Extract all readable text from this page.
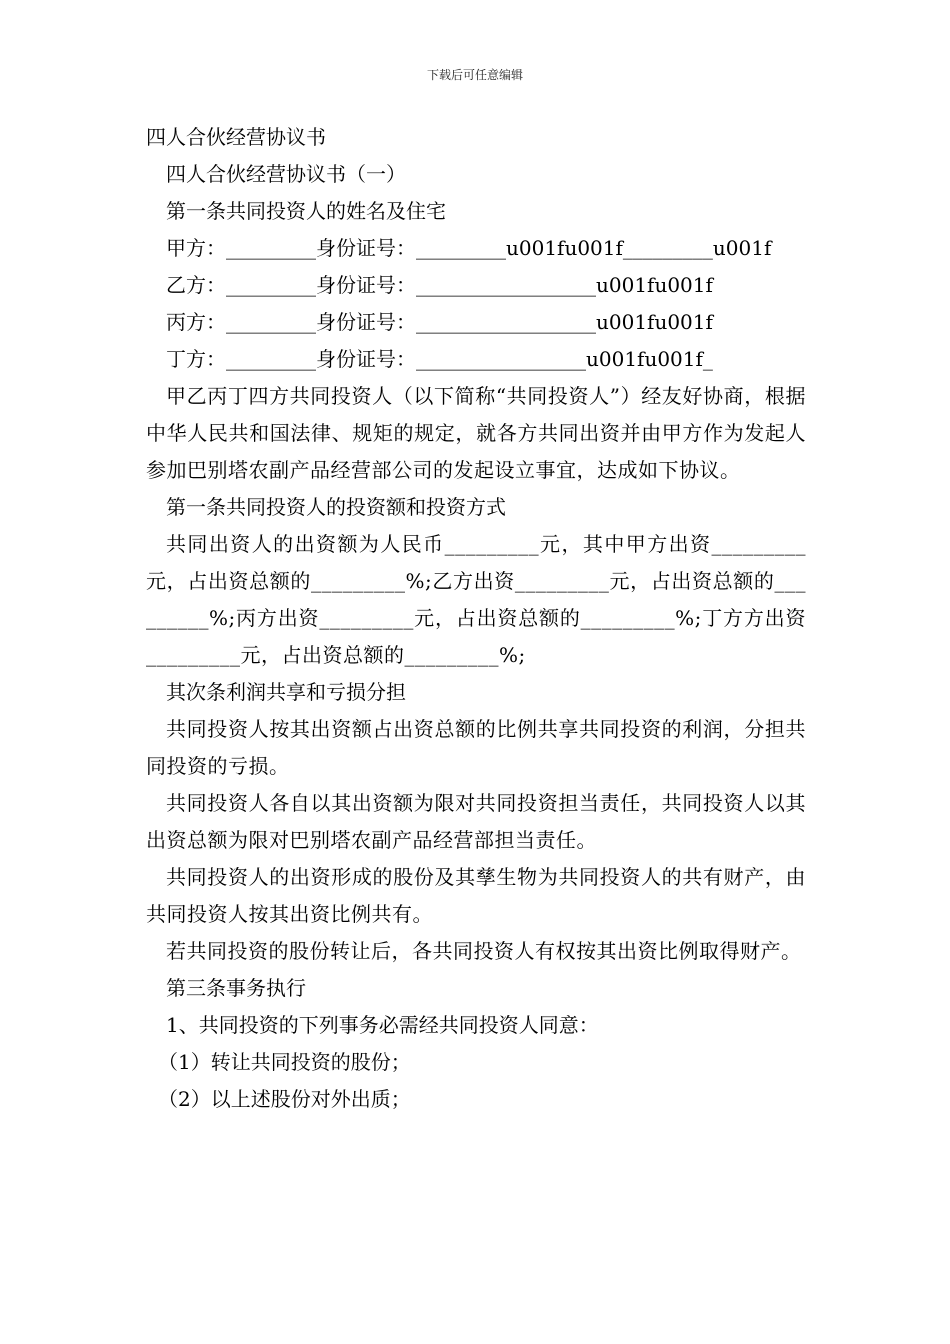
下载后可任意编辑
四人合伙经营协议书
四人合伙经营协议书（一）
第一条共同投资人的姓名及住宅
甲方：_________身份证号：_________u001fu001f_________u001f
乙方：_________身份证号：__________________u001fu001f
丙方：_________身份证号：__________________u001fu001f
丁方：_________身份证号：_________________u001fu001f_
甲乙丙丁四方共同投资人（以下简称“共同投资人”）经友好协商，根据中华人民共和国法律、规矩的规定，就各方共同出资并由甲方作为发起人参加巴别塔农副产品经营部公司的发起设立事宜，达成如下协议。
第一条共同投资人的投资额和投资方式
共同出资人的出资额为人民币_________元，其中甲方出资_________元，占出资总额的_________%;乙方出资_________元，占出资总额的_________%;丙方出资_________元，占出资总额的_________%;丁方方出资_________元，占出资总额的_________%;
其次条利润共享和亏损分担
共同投资人按其出资额占出资总额的比例共享共同投资的利润，分担共同投资的亏损。
共同投资人各自以其出资额为限对共同投资担当责任，共同投资人以其出资总额为限对巴别塔农副产品经营部担当责任。
共同投资人的出资形成的股份及其孳生物为共同投资人的共有财产，由共同投资人按其出资比例共有。
若共同投资的股份转让后，各共同投资人有权按其出资比例取得财产。
第三条事务执行
1、共同投资的下列事务必需经共同投资人同意：
（1）转让共同投资的股份；
（2）以上述股份对外出质；
